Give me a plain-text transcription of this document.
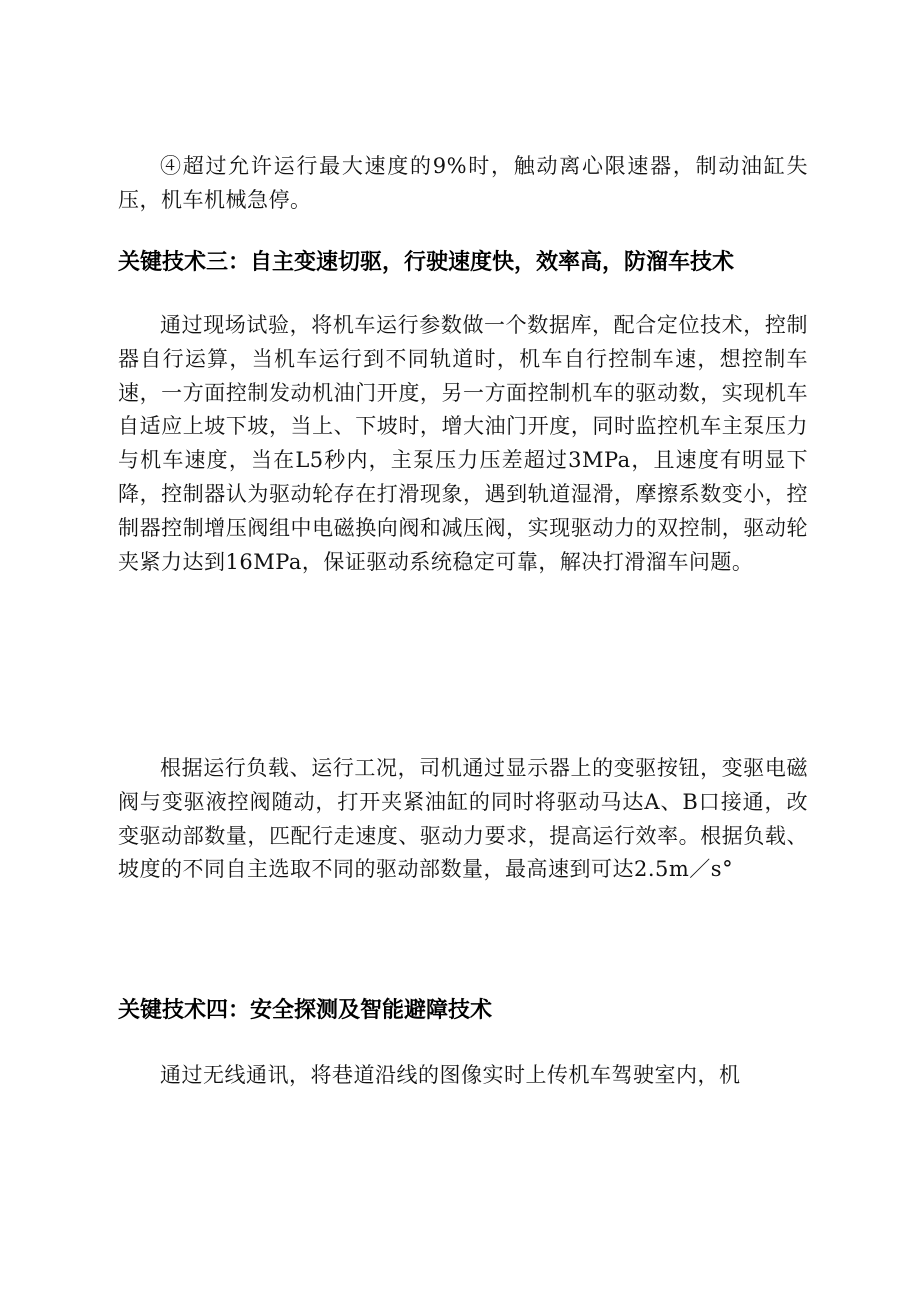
④超过允许运行最大速度的9%时，触动离心限速器，制动油缸失压，机车机械急停。

关键技术三：自主变速切驱，行驶速度快，效率高，防溜车技术

通过现场试验，将机车运行参数做一个数据库，配合定位技术，控制器自行运算，当机车运行到不同轨道时，机车自行控制车速，想控制车速，一方面控制发动机油门开度，另一方面控制机车的驱动数，实现机车自适应上坡下坡，当上、下坡时，增大油门开度，同时监控机车主泵压力与机车速度，当在L5秒内，主泵压力压差超过3MPa，且速度有明显下降，控制器认为驱动轮存在打滑现象，遇到轨道湿滑，摩擦系数变小，控制器控制增压阀组中电磁换向阀和减压阀，实现驱动力的双控制，驱动轮夹紧力达到16MPa，保证驱动系统稳定可靠，解决打滑溜车问题。

根据运行负载、运行工况，司机通过显示器上的变驱按钮，变驱电磁阀与变驱液控阀随动，打开夹紧油缸的同时将驱动马达A、B口接通，改变驱动部数量，匹配行走速度、驱动力要求，提高运行效率。根据负载、坡度的不同自主选取不同的驱动部数量，最高速到可达2.5m／s°

关键技术四：安全探测及智能避障技术

通过无线通讯，将巷道沿线的图像实时上传机车驾驶室内，机
